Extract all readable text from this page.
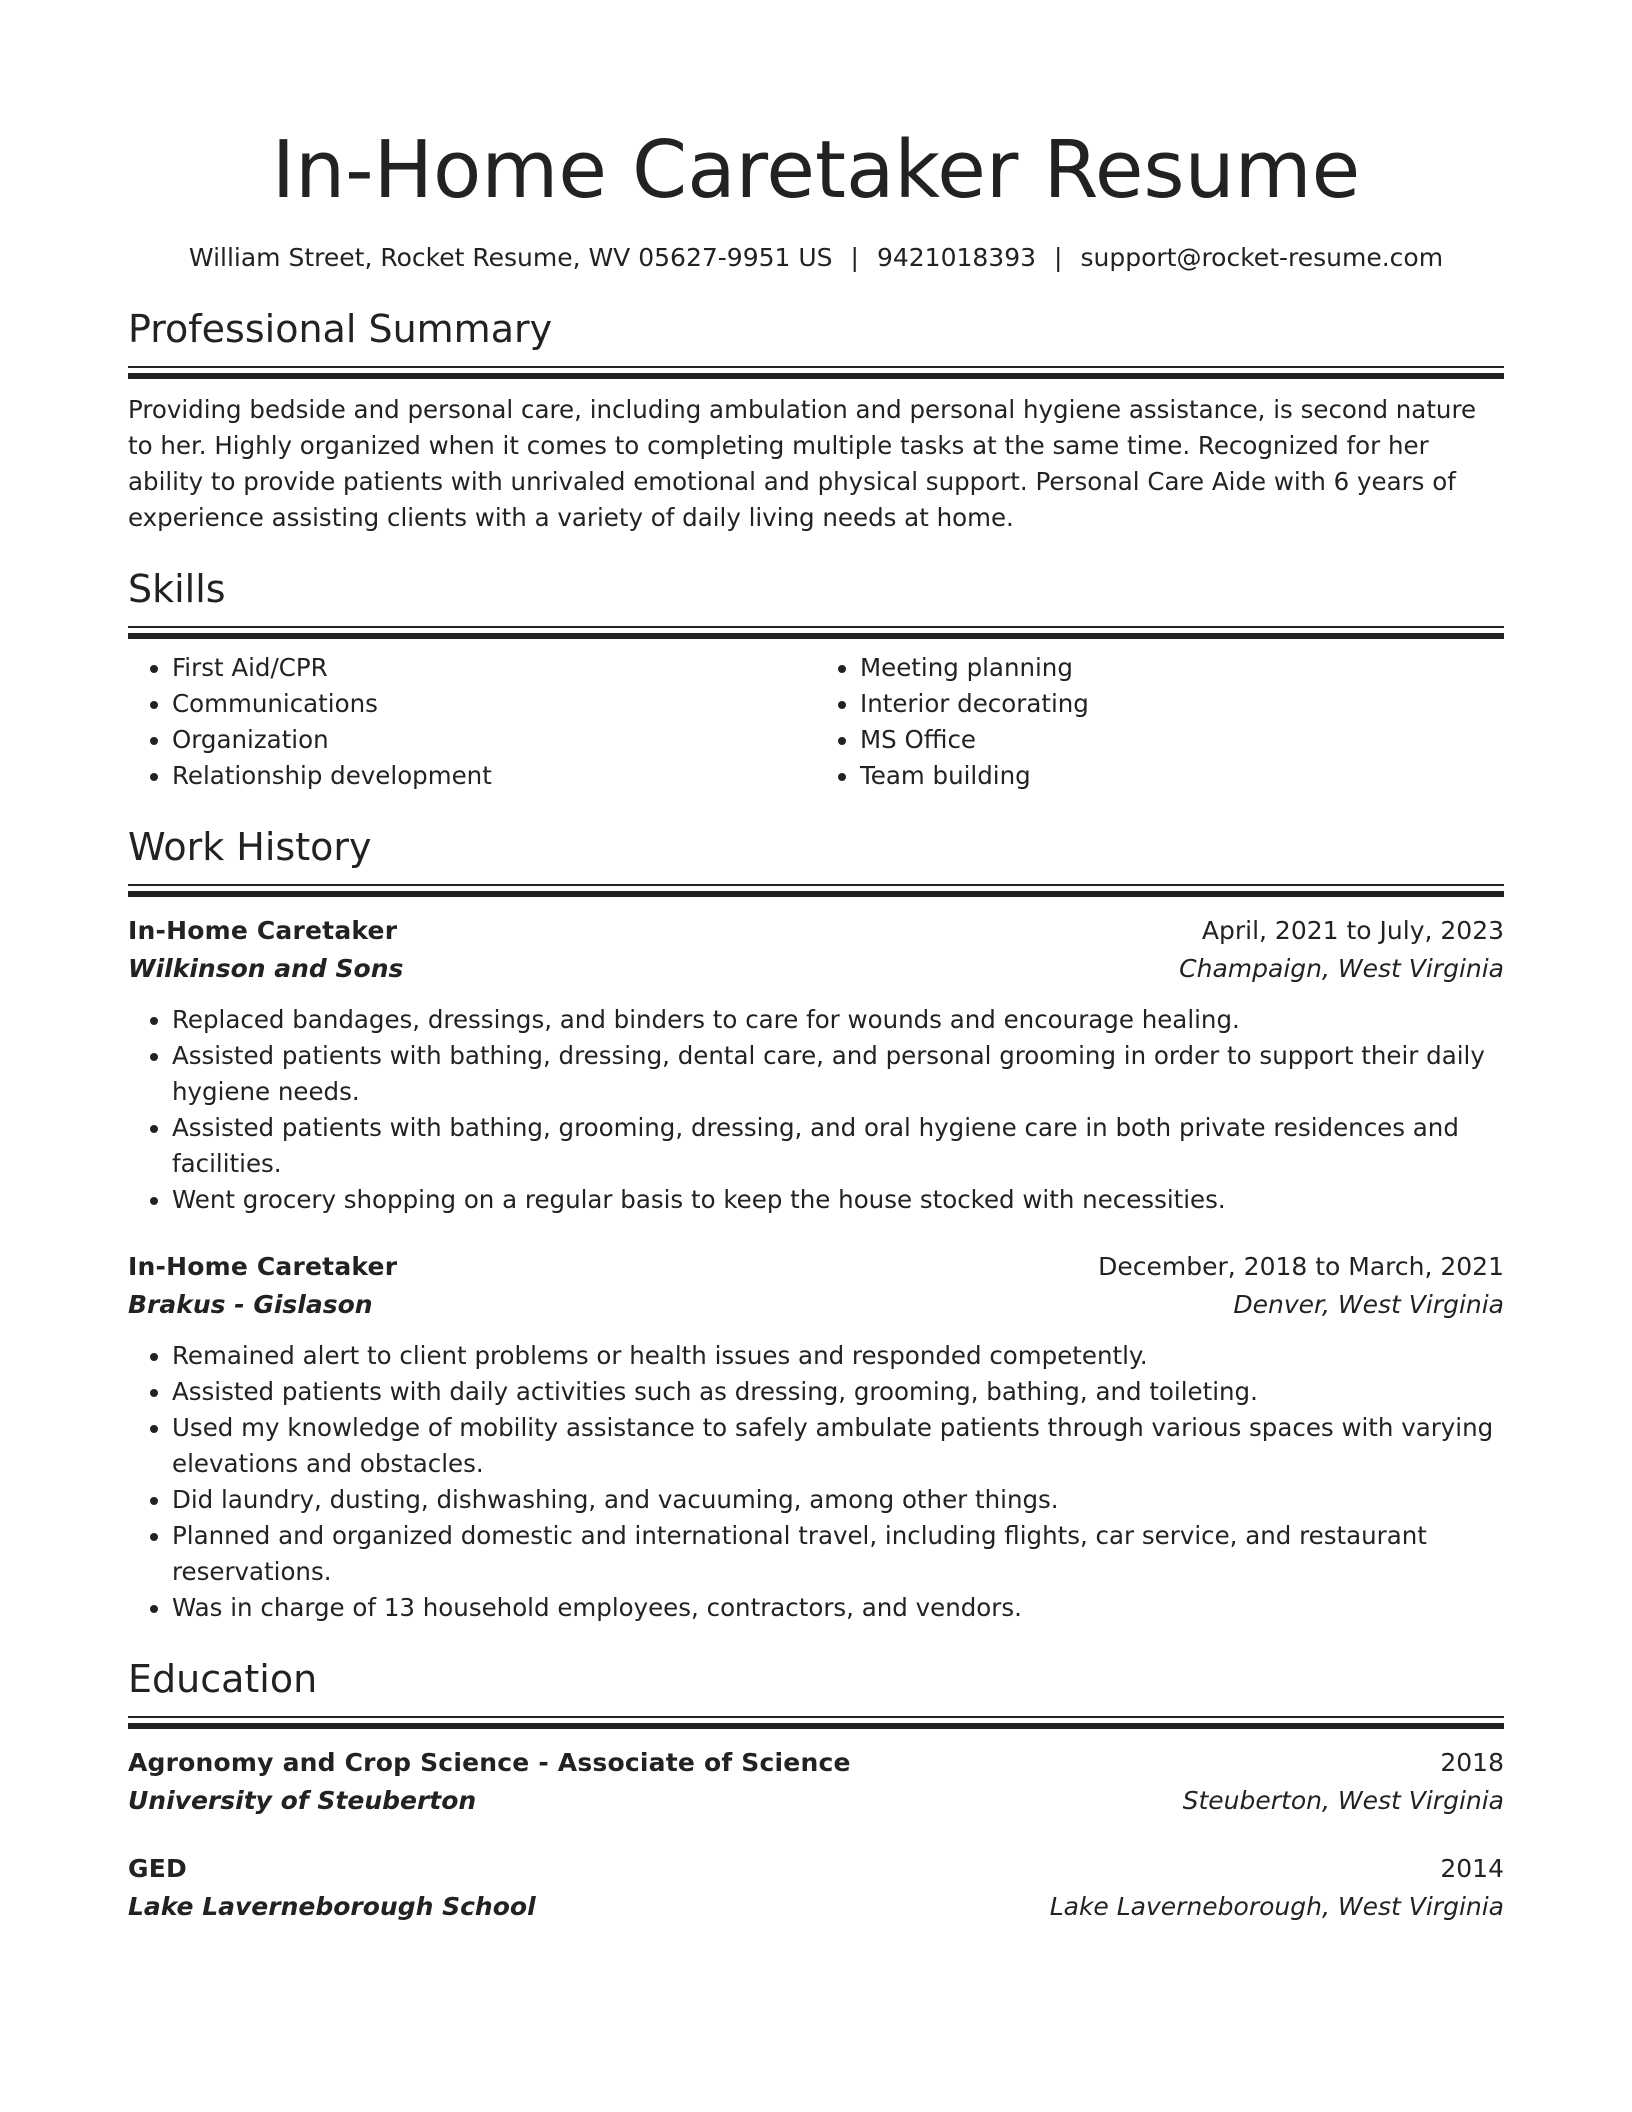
In-Home Caretaker Resume
William Street, Rocket Resume, WV 05627-9951 US | 9421018393 | support@rocket-resume.com
Professional Summary

Providing bedside and personal care, including ambulation and personal hygiene assistance, is second nature to her. Highly organized when it comes to completing multiple tasks at the same time. Recognized for her ability to provide patients with unrivaled emotional and physical support. Personal Care Aide with 6 years of experience assisting clients with a variety of daily living needs at home.

Skills
• First Aid/CPR
• Communications
• Organization
• Relationship development
• Meeting planning
• Interior decorating
• MS Office
• Team building
Work History
In-Home Caretaker	April, 2021 to July, 2023
Wilkinson and Sons	Champaign, West Virginia
• Replaced bandages, dressings, and binders to care for wounds and encourage healing.
• Assisted patients with bathing, dressing, dental care, and personal grooming in order to support their daily hygiene needs.
• Assisted patients with bathing, grooming, dressing, and oral hygiene care in both private residences and facilities.
• Went grocery shopping on a regular basis to keep the house stocked with necessities.
In-Home Caretaker	December, 2018 to March, 2021
Brakus - Gislason	Denver, West Virginia
• Remained alert to client problems or health issues and responded competently.
• Assisted patients with daily activities such as dressing, grooming, bathing, and toileting.
• Used my knowledge of mobility assistance to safely ambulate patients through various spaces with varying elevations and obstacles.
• Did laundry, dusting, dishwashing, and vacuuming, among other things.
• Planned and organized domestic and international travel, including flights, car service, and restaurant reservations.
• Was in charge of 13 household employees, contractors, and vendors.
Education
Agronomy and Crop Science - Associate of Science	2018
University of Steuberton	Steuberton, West Virginia
GED	2014
Lake Laverneborough School	Lake Laverneborough, West Virginia
